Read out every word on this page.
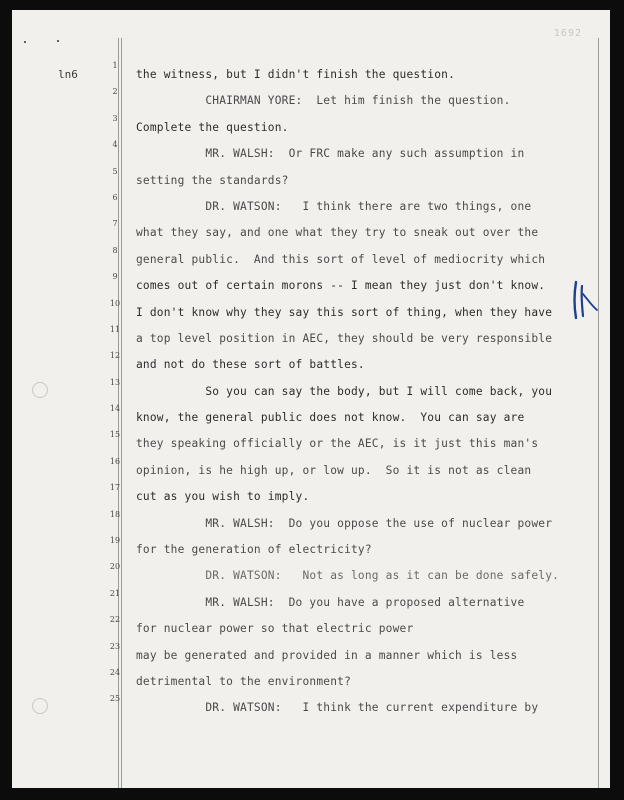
1692
ln6
1
the witness, but I didn't finish the question.
2
CHAIRMAN YORE:  Let him finish the question.
3
Complete the question.
4
MR. WALSH:  Or FRC make any such assumption in
5
setting the standards?
6
DR. WATSON:   I think there are two things, one
7
what they say, and one what they try to sneak out over the
8
general public.  And this sort of level of mediocrity which
9
comes out of certain morons -- I mean they just don't know.
10
I don't know why they say this sort of thing, when they have
11
a top level position in AEC, they should be very responsible
12
and not do these sort of battles.
13
So you can say the body, but I will come back, you
14
know, the general public does not know.  You can say are
15
they speaking officially or the AEC, is it just this man's
16
opinion, is he high up, or low up.  So it is not as clean
17
cut as you wish to imply.
18
MR. WALSH:  Do you oppose the use of nuclear power
19
for the generation of electricity?
20
DR. WATSON:   Not as long as it can be done safely.
21
MR. WALSH:  Do you have a proposed alternative
22
for nuclear power so that electric power
23
may be generated and provided in a manner which is less
24
detrimental to the environment?
25
DR. WATSON:   I think the current expenditure by
